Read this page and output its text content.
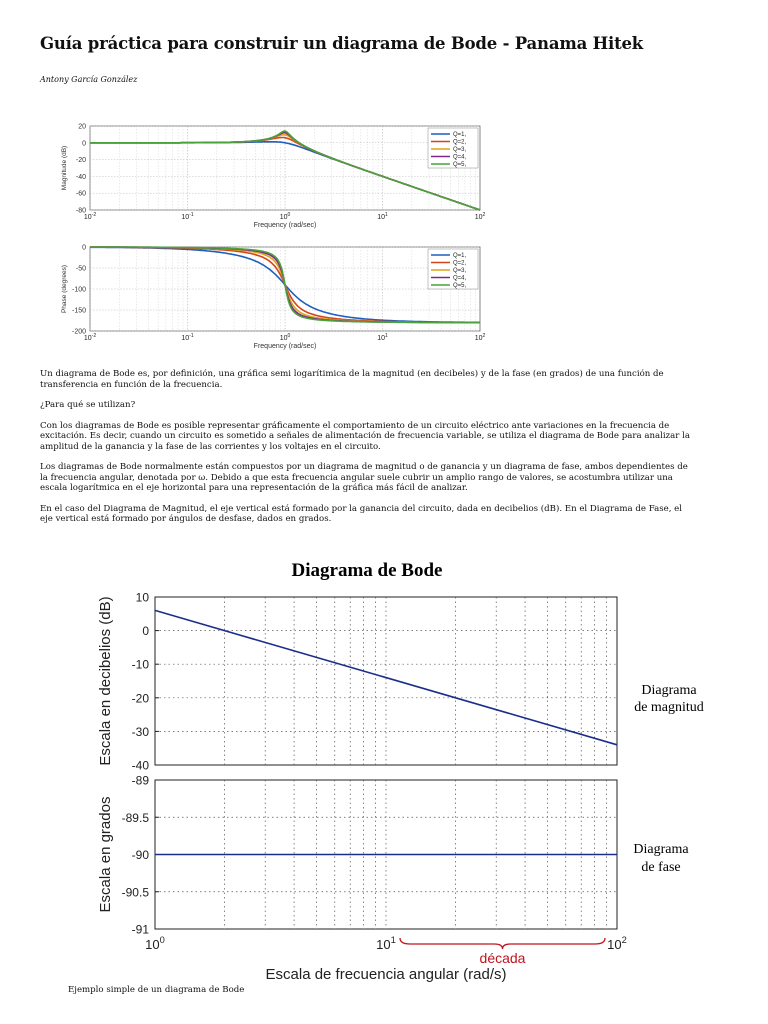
Guía práctica para construir un diagrama de Bode - Panama Hitek
Antony García González
20
0
-20
-40
-60
-80
$10^{-2}$	$10^{-1}$	$10^0$	$10^1$	$10^2$
Frequency (rad/sec)
Magnitude (dB)
Q=1,
Q=2,
Q=3,
Q=4,
Q=5,
0
-50
-100
-150
-200
$10^{-2}$	$10^{-1}$	$10^0$	$10^1$	$10^2$
Frequency (rad/sec)
Phase (degrees)
Q=1,
Q=2,
Q=3,
Q=4,
Q=5,

Un diagrama de Bode es, por definición, una gráfica semi logarítimica de la magnitud (en decibeles) y de la fase (en grados) de una función de transferencia en función de la frecuencia.

¿Para qué se utilizan?

Con los diagramas de Bode es posible representar gráficamente el comportamiento de un circuito eléctrico ante variaciones en la frecuencia de excitación. Es decir, cuando un circuito es sometido a señales de alimentación de frecuencia variable, se utiliza el diagrama de Bode para analizar la amplitud de la ganancia y la fase de las corrientes y los voltajes en el circuito.

Los diagramas de Bode normalmente están compuestos por un diagrama de magnitud o de ganancia y un diagrama de fase, ambos dependientes de la frecuencia angular, denotada por ω. Debido a que esta frecuencia angular suele cubrir un amplio rango de valores, se acostumbra utilizar una escala logarítmica en el eje horizontal para una representación de la gráfica más fácil de analizar.

En el caso del Diagrama de Magnitud, el eje vertical está formado por la ganancia del circuito, dada en decibelios (dB). En el Diagrama de Fase, el eje vertical está formado por ángulos de desfase, dados en grados.

Diagrama de Bode
10
0
-10
-20
-30
-40
Escala en decibelios (dB)
-89
-89.5
-90
-90.5
-91
Escala en grados
$10^0$	$10^1$	$10^2$
Escala de frecuencia angular (rad/s)
década
Diagrama
de magnitud
Diagrama
de fase
Ejemplo simple de un diagrama de Bode
